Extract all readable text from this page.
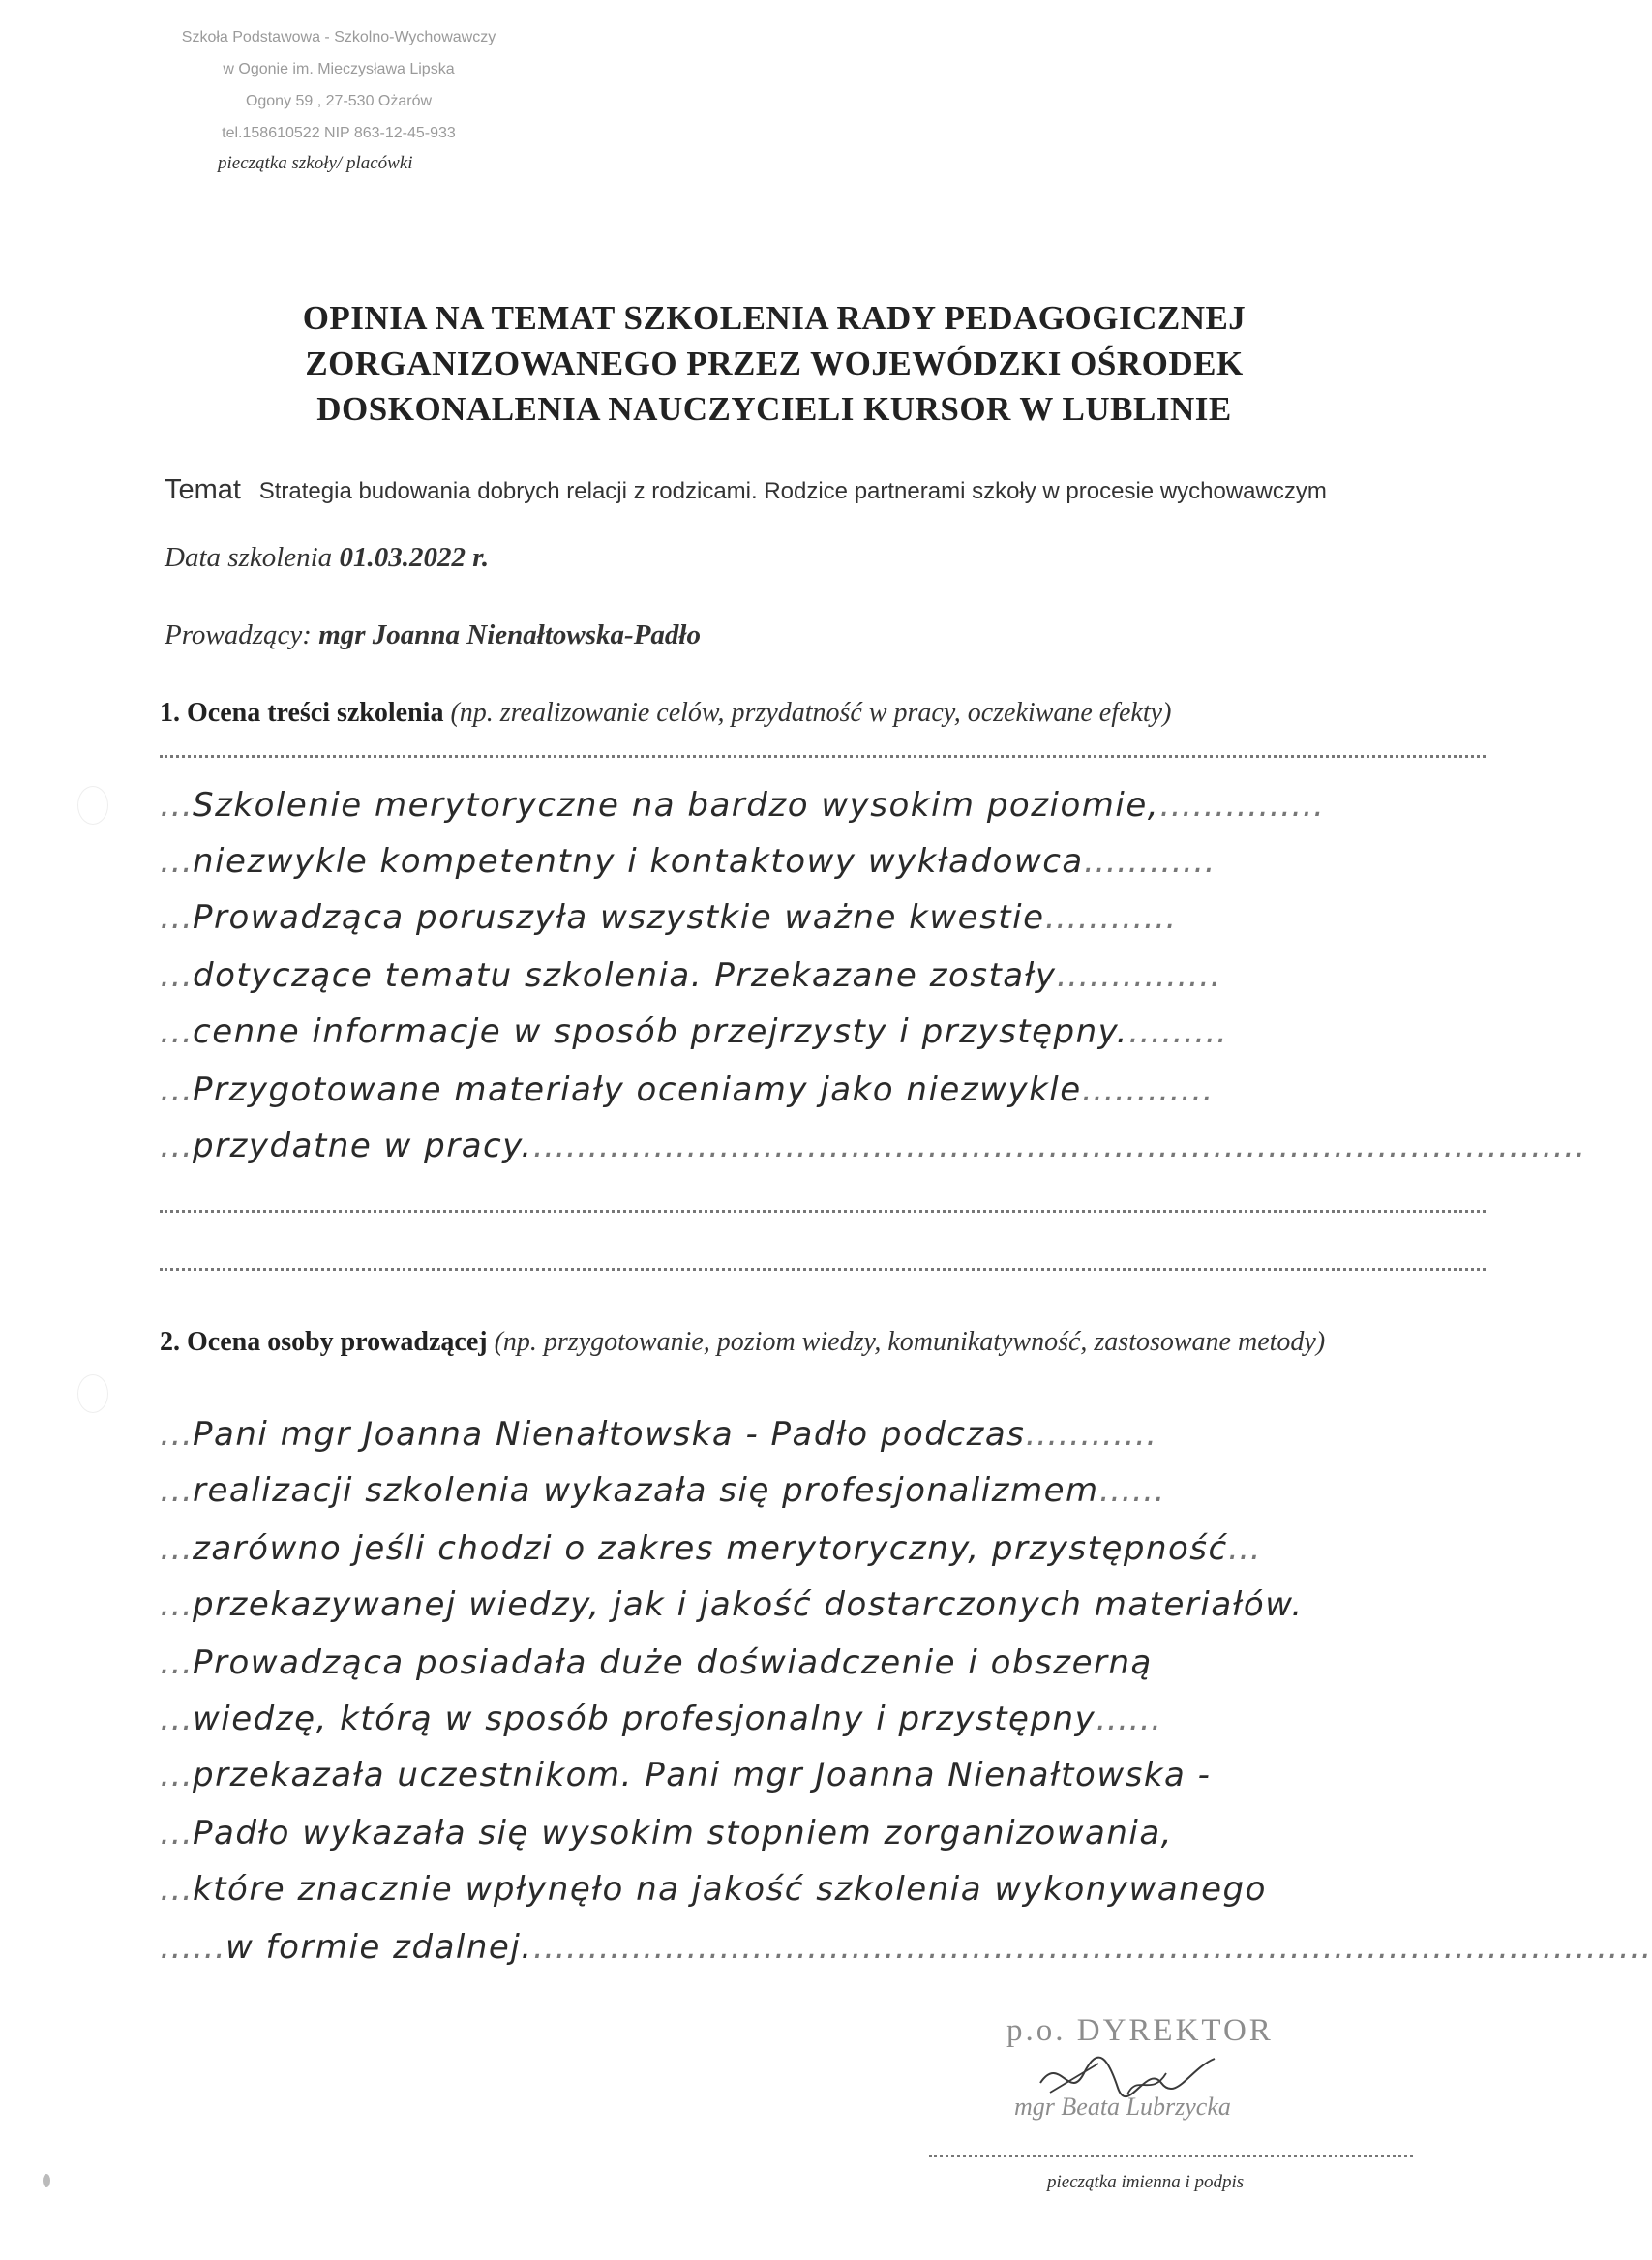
Szkoła Podstawowa - Szkolno-Wychowawczy
w Ogonie im. Mieczysława Lipska
Ogony 59 , 27-530 Ożarów
tel.158610522 NIP 863-12-45-933
pieczątka szkoły/ placówki
OPINIA NA TEMAT SZKOLENIA RADY PEDAGOGICZNEJ
ZORGANIZOWANEGO PRZEZ WOJEWÓDZKI OŚRODEK
DOSKONALENIA NAUCZYCIELI KURSOR W LUBLINIE
Temat Strategia budowania dobrych relacji z rodzicami. Rodzice partnerami szkoły w procesie wychowawczym
Data szkolenia 01.03.2022 r.
Prowadzący: mgr Joanna Nienałtowska-Padło
1. Ocena treści szkolenia (np. zrealizowanie celów, przydatność w pracy, oczekiwane efekty)
…Szkolenie merytoryczne na bardzo wysokim poziomie,……………
…niezwykle kompetentny i kontaktowy wykładowca…………
…Prowadząca poruszyła wszystkie ważne kwestie…………
…dotyczące tematu szkolenia. Przekazane zostały……………
…cenne informacje w sposób przejrzysty i przystępny.………
…Przygotowane materiały oceniamy jako niezwykle…………
…przydatne w pracy.……………………………………………………………………………………
2. Ocena osoby prowadzącej (np. przygotowanie, poziom wiedzy, komunikatywność, zastosowane metody)
…Pani mgr Joanna Nienałtowska - Padło podczas…………
…realizacji szkolenia wykazała się profesjonalizmem……
…zarówno jeśli chodzi o zakres merytoryczny, przystępność…
…przekazywanej wiedzy, jak i jakość dostarczonych materiałów.
…Prowadząca posiadała duże doświadczenie i obszerną
…wiedzę, którą w sposób profesjonalny i przystępny……
…przekazała uczestnikom. Pani mgr Joanna Nienałtowska -
…Padło wykazała się wysokim stopniem zorganizowania,
…które znacznie wpłynęło na jakość szkolenia wykonywanego
……w formie zdalnej.…………………………………………………………………………………………
p.o. DYREKTOR
mgr Beata Lubrzycka
pieczątka imienna i podpis
